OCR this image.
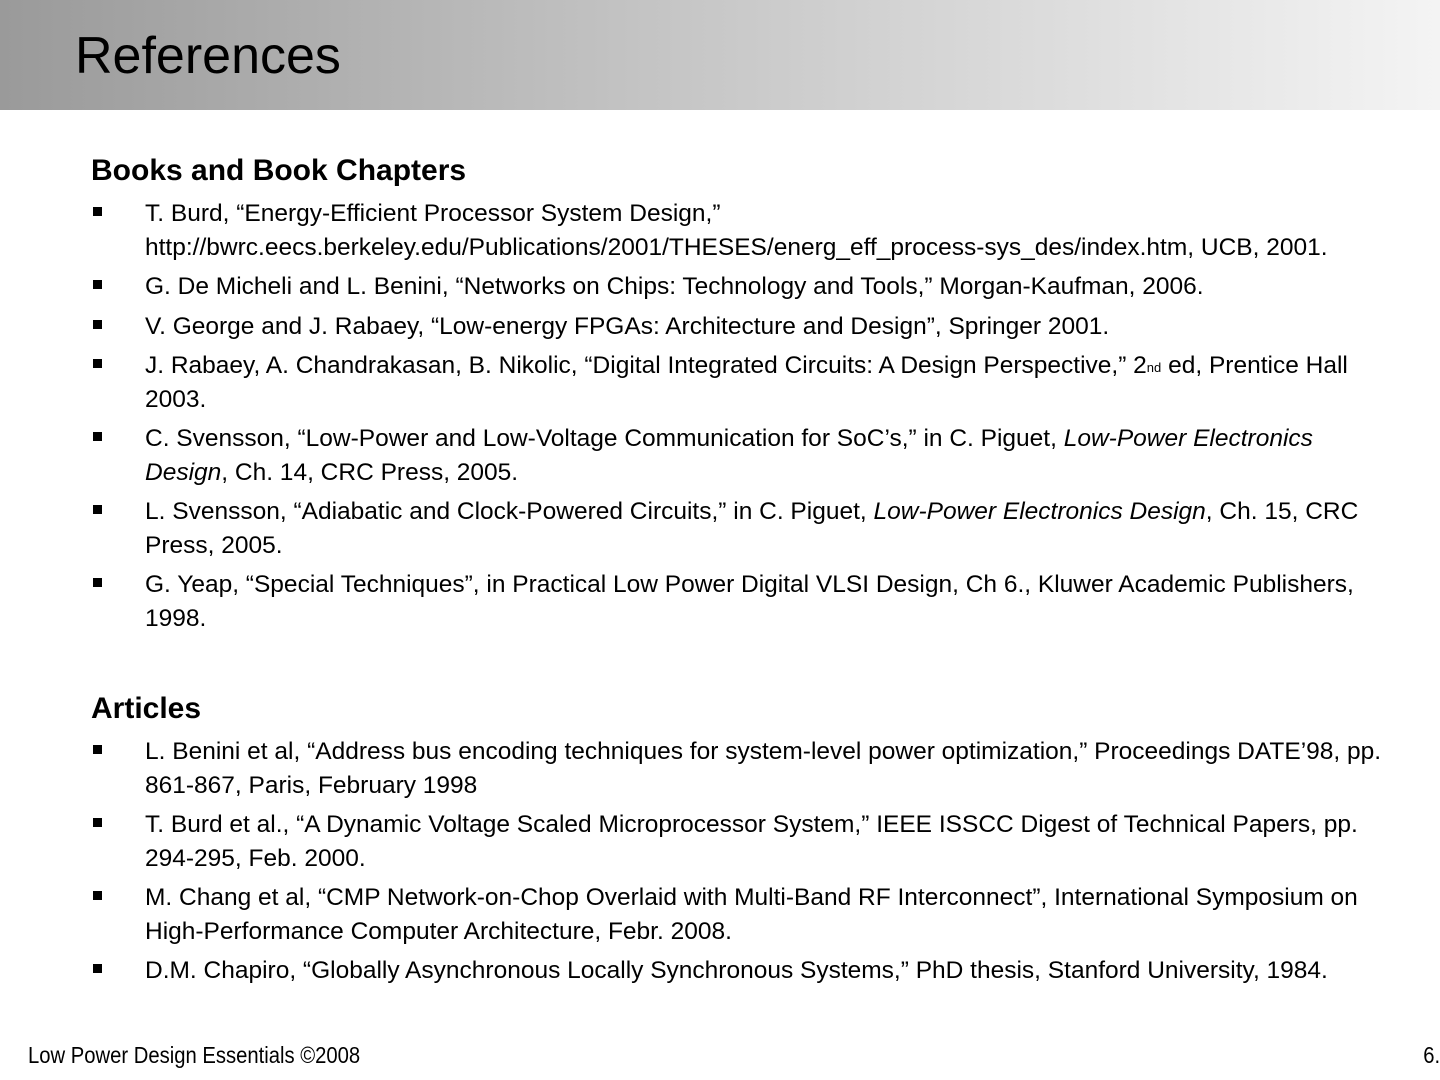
References
Books and Book Chapters
T. Burd, “Energy-Efficient Processor System Design,” http://bwrc.eecs.berkeley.edu/Publications/2001/THESES/energ_eff_process-sys_des/index.htm, UCB, 2001.
G. De Micheli and L. Benini, “Networks on Chips: Technology and Tools,” Morgan-Kaufman, 2006.
V. George and J. Rabaey, “Low-energy FPGAs: Architecture and Design”, Springer 2001.
J. Rabaey, A. Chandrakasan, B. Nikolic, “Digital Integrated Circuits: A Design Perspective,” 2nd ed, Prentice Hall 2003.
C. Svensson, “Low-Power and Low-Voltage Communication for SoC’s,” in C. Piguet, Low-Power Electronics Design, Ch. 14, CRC Press, 2005.
L. Svensson, “Adiabatic and Clock-Powered Circuits,” in C. Piguet, Low-Power Electronics Design, Ch. 15, CRC Press, 2005.
G. Yeap, “Special Techniques”, in Practical Low Power Digital VLSI Design, Ch 6., Kluwer Academic Publishers, 1998.
Articles
L. Benini et al, “Address bus encoding techniques for system-level power optimization,” Proceedings DATE’98, pp. 861-867, Paris, February 1998
T. Burd et al., “A Dynamic Voltage Scaled Microprocessor System,” IEEE ISSCC Digest of Technical Papers, pp. 294-295, Feb. 2000.
M. Chang et al, “CMP Network-on-Chop Overlaid with Multi-Band RF Interconnect”, International Symposium on High-Performance Computer Architecture, Febr. 2008.
D.M. Chapiro, “Globally Asynchronous Locally Synchronous Systems,” PhD thesis, Stanford University, 1984.
Low Power Design Essentials ©2008	6.
